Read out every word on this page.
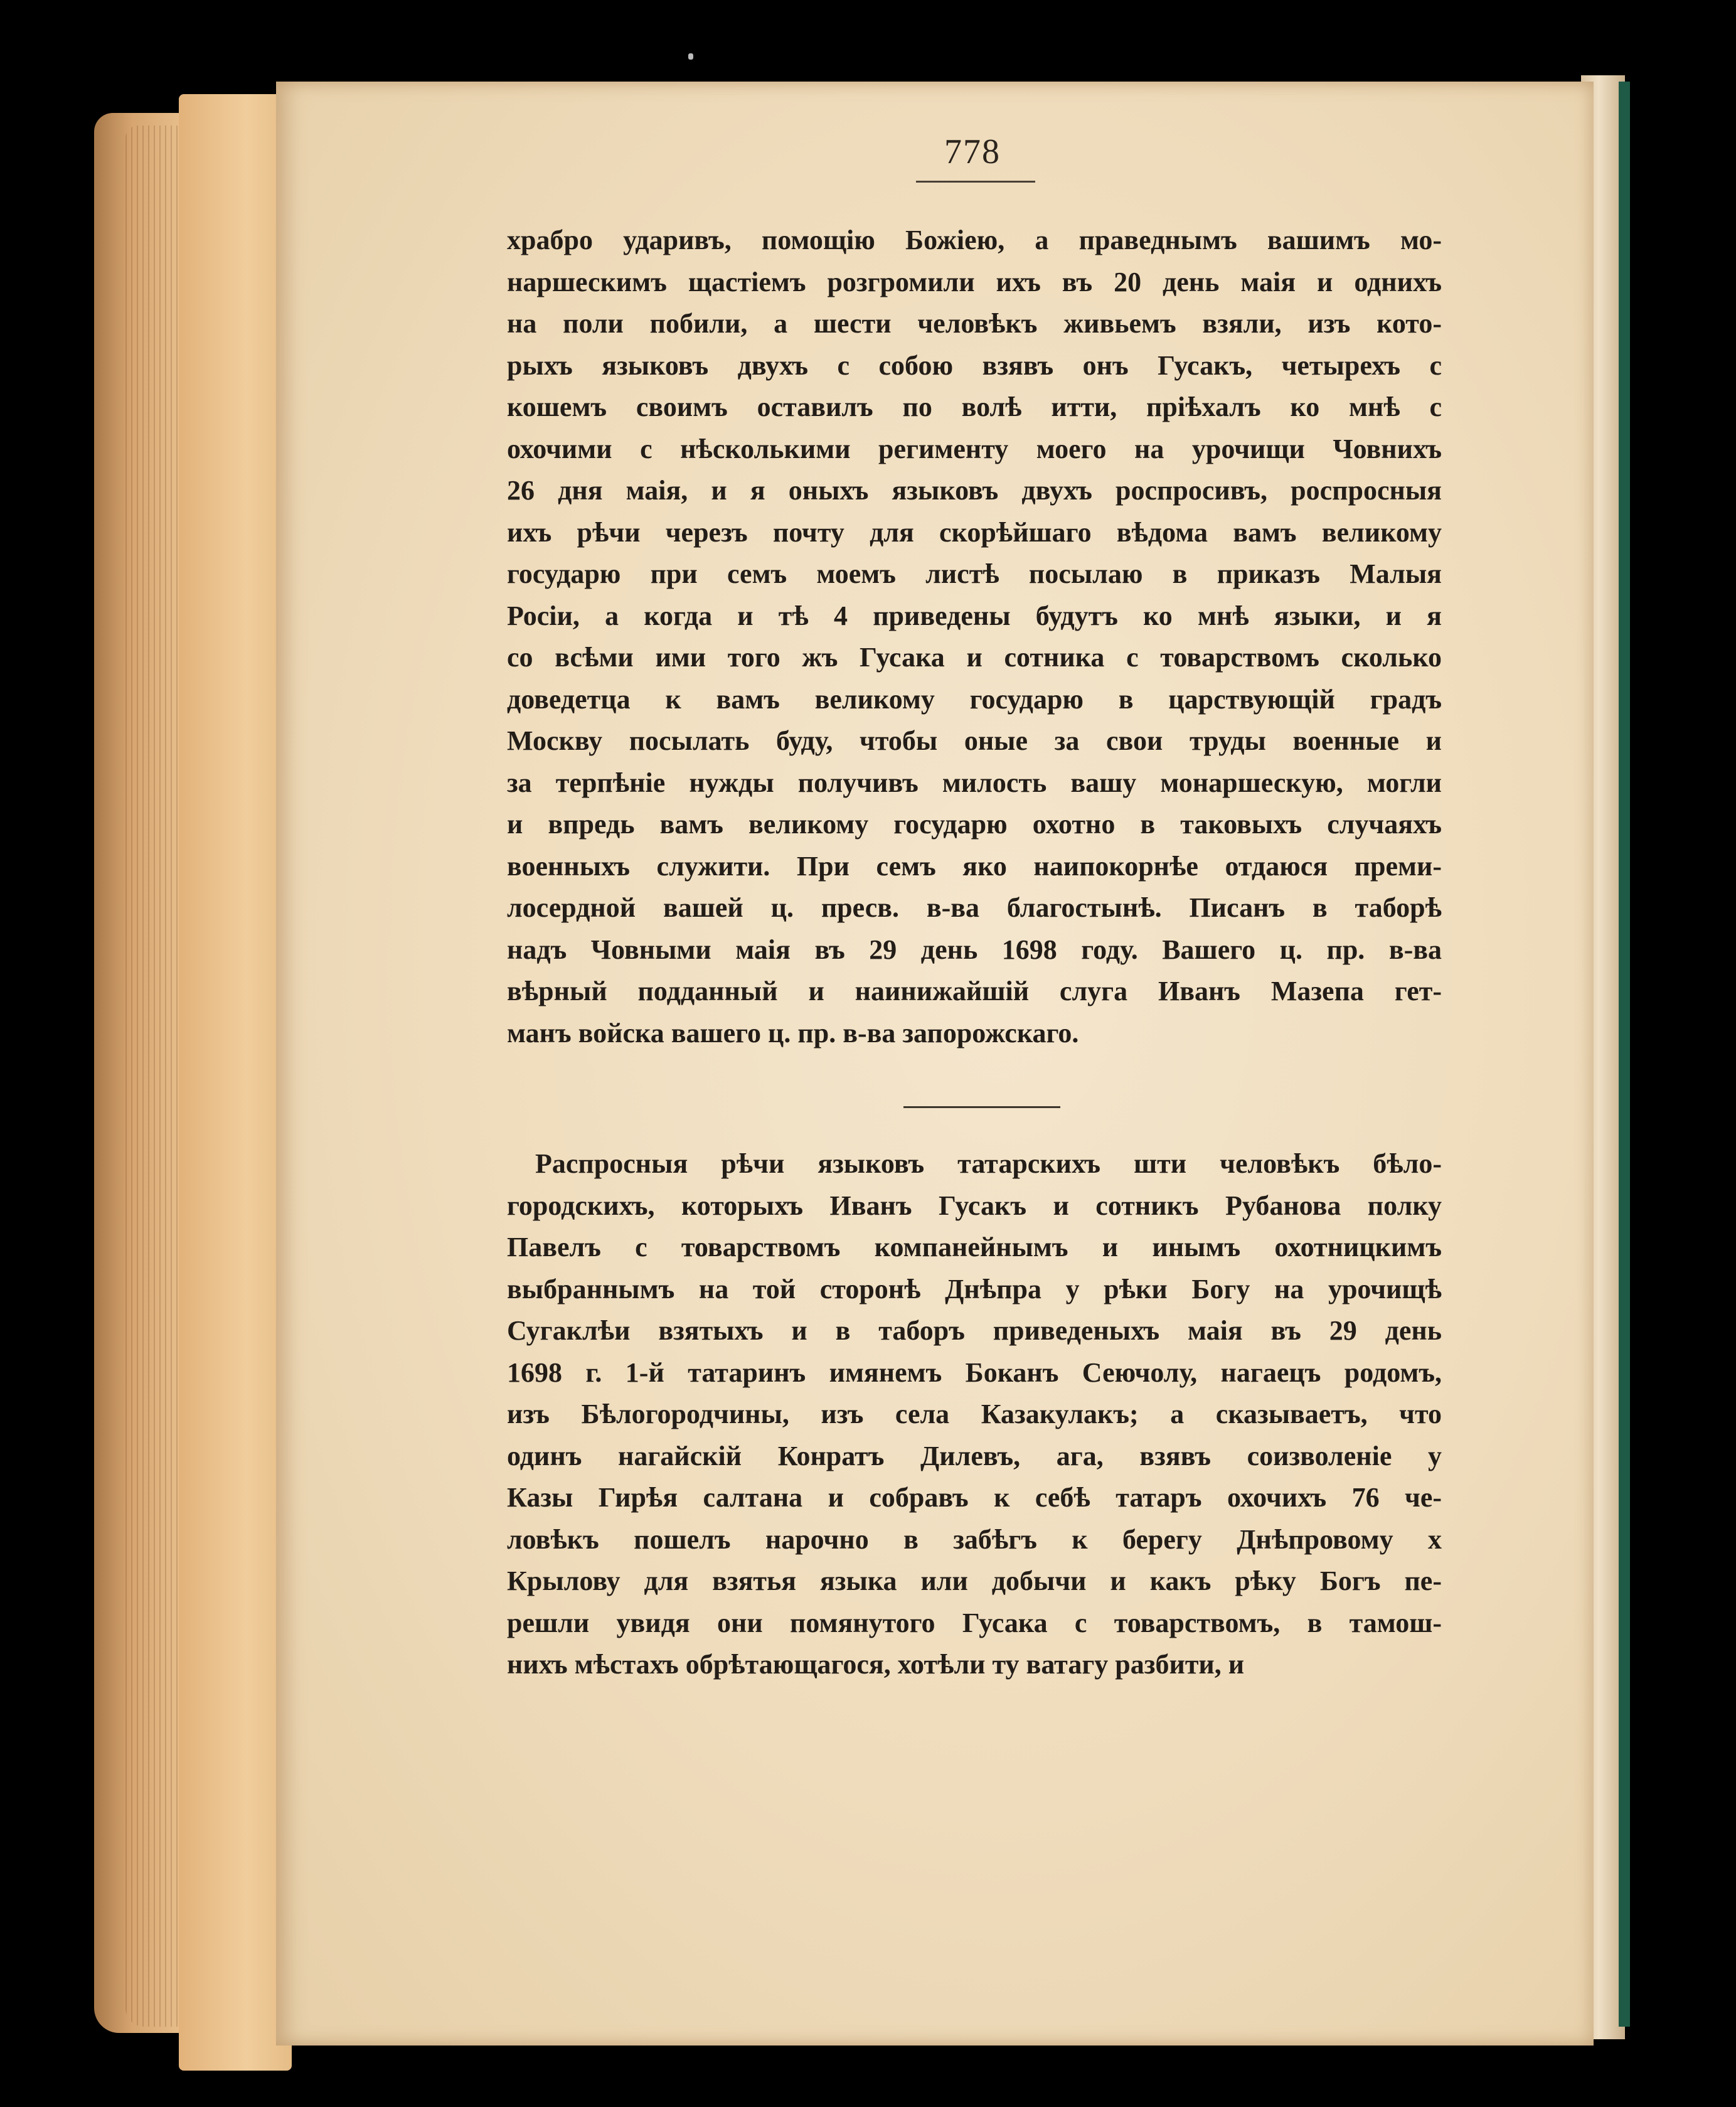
778
храбро ударивъ, помощію Божіею, а праведнымъ вашимъ мо-
наршескимъ щастіемъ розгромили ихъ въ 20 день маія и однихъ
на поли побили, а шести человѣкъ живьемъ взяли, изъ кото-
рыхъ языковъ двухъ с собою взявъ онъ Гусакъ, четырехъ с
кошемъ своимъ оставилъ по волѣ итти, пріѣхалъ ко мнѣ с
охочими с нѣсколькими регименту моего на урочищи Човнихъ
26 дня маія, и я оныхъ языковъ двухъ роспросивъ, роспросныя
ихъ рѣчи черезъ почту для скорѣйшаго вѣдома вамъ великому
государю при семъ моемъ листѣ посылаю в приказъ Малыя
Росіи, а когда и тѣ 4 приведены будутъ ко мнѣ языки, и я
со всѣми ими того жъ Гусака и сотника с товарствомъ сколько
доведетца к вамъ великому государю в царствующій градъ
Москву посылать буду, чтобы оные за свои труды военные и
за терпѣніе нужды получивъ милость вашу монаршескую, могли
и впредь вамъ великому государю охотно в таковыхъ случаяхъ
военныхъ служити. При семъ яко наипокорнѣе отдаюся преми-
лосердной вашей ц. пресв. в-ва благостынѣ. Писанъ в таборѣ
надъ Човными маія въ 29 день 1698 году. Вашего ц. пр. в-ва
вѣрный подданный и наинижайшій слуга Иванъ Мазепа гет-
манъ войска вашего ц. пр. в-ва запорожскаго.
Распросныя рѣчи языковъ татарскихъ шти человѣкъ бѣло-
городскихъ, которыхъ Иванъ Гусакъ и сотникъ Рубанова полку
Павелъ с товарствомъ компанейнымъ и инымъ охотницкимъ
выбраннымъ на той сторонѣ Днѣпра у рѣки Богу на урочищѣ
Сугаклѣи взятыхъ и в таборъ приведеныхъ маія въ 29 день
1698 г. 1-й татаринъ имянемъ Боканъ Сеючолу, нагаецъ родомъ,
изъ Бѣлогородчины, изъ села Казакулакъ; а сказываетъ, что
одинъ нагайскій Конратъ Дилевъ, ага, взявъ соизволеніе у
Казы Гирѣя салтана и собравъ к себѣ татаръ охочихъ 76 че-
ловѣкъ пошелъ нарочно в забѣгъ к берегу Днѣпровому х
Крылову для взятья языка или добычи и какъ рѣку Богъ пе-
решли увидя они помянутого Гусака с товарствомъ, в тамош-
нихъ мѣстахъ обрѣтающагося, хотѣли ту ватагу разбити, и
